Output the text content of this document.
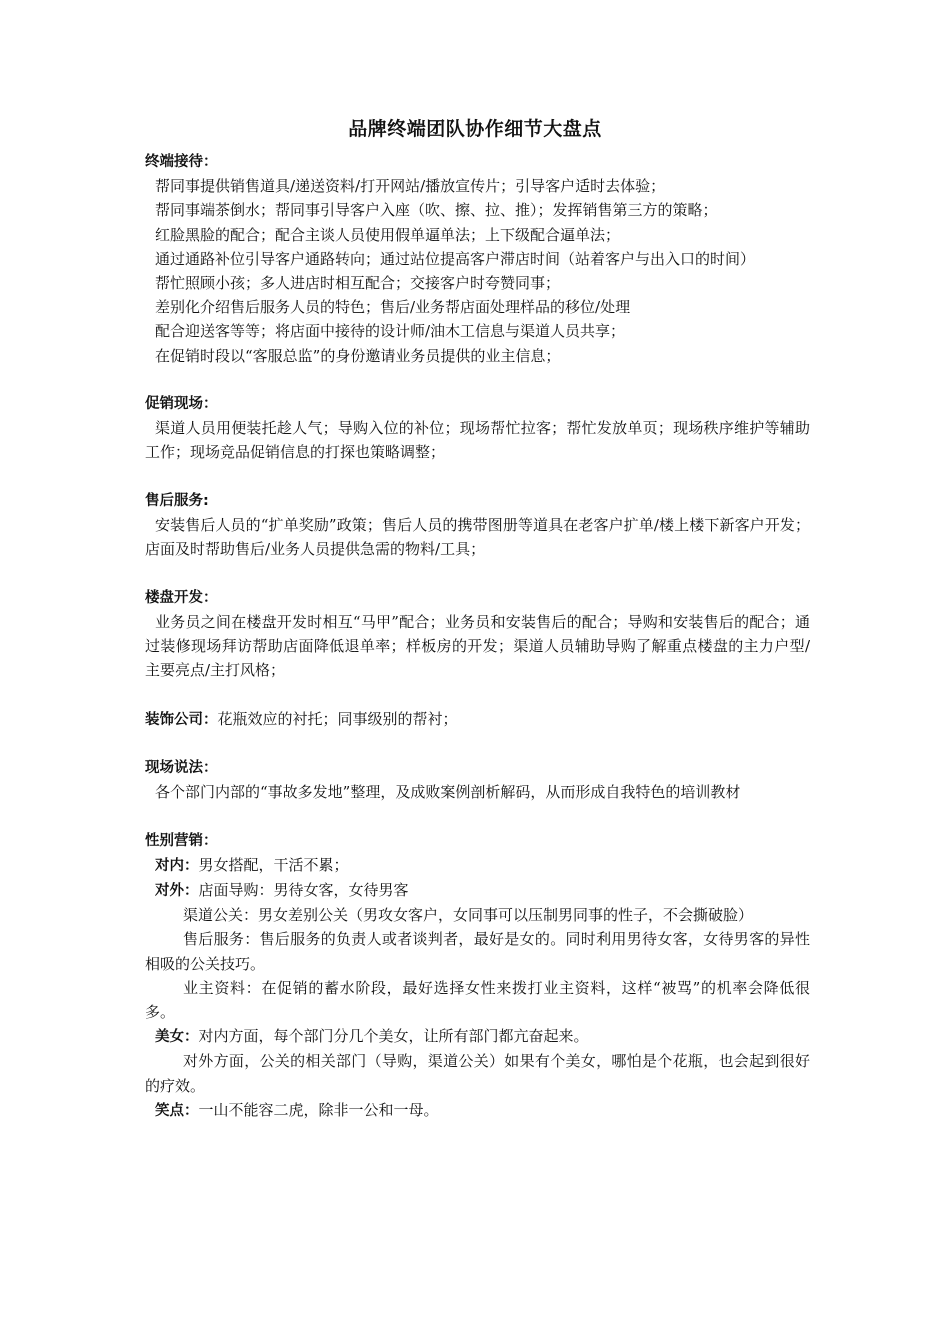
品牌终端团队协作细节大盘点
终端接待：
帮同事提供销售道具/递送资料/打开网站/播放宣传片；引导客户适时去体验；
帮同事端茶倒水；帮同事引导客户入座（吹、擦、拉、推）；发挥销售第三方的策略；
红脸黑脸的配合；配合主谈人员使用假单逼单法；上下级配合逼单法；
通过通路补位引导客户通路转向；通过站位提高客户滞店时间（站着客户与出入口的时间）
帮忙照顾小孩；多人进店时相互配合；交接客户时夸赞同事；
差别化介绍售后服务人员的特色；售后/业务帮店面处理样品的移位/处理
配合迎送客等等；将店面中接待的设计师/油木工信息与渠道人员共享；
在促销时段以“客服总监”的身份邀请业务员提供的业主信息；
促销现场：
渠道人员用便装托趁人气；导购入位的补位；现场帮忙拉客；帮忙发放单页；现场秩序维护等辅助工作；现场竞品促销信息的打探也策略调整；
售后服务:
安装售后人员的“扩单奖励”政策；售后人员的携带图册等道具在老客户扩单/楼上楼下新客户开发；店面及时帮助售后/业务人员提供急需的物料/工具；
楼盘开发：
业务员之间在楼盘开发时相互“马甲”配合；业务员和安装售后的配合；导购和安装售后的配合；通过装修现场拜访帮助店面降低退单率；样板房的开发；渠道人员辅助导购了解重点楼盘的主力户型/主要亮点/主打风格；
装饰公司：花瓶效应的衬托；同事级别的帮衬；
现场说法：
各个部门内部的“事故多发地”整理，及成败案例剖析解码，从而形成自我特色的培训教材
性别营销：
对内：男女搭配，干活不累；
对外：店面导购：男待女客，女待男客
渠道公关：男女差别公关（男攻女客户，女同事可以压制男同事的性子，不会撕破脸）
售后服务：售后服务的负责人或者谈判者，最好是女的。同时利用男待女客，女待男客的异性相吸的公关技巧。
业主资料：在促销的蓄水阶段，最好选择女性来拨打业主资料，这样“被骂”的机率会降低很多。
美女：对内方面，每个部门分几个美女，让所有部门都亢奋起来。
对外方面，公关的相关部门（导购，渠道公关）如果有个美女，哪怕是个花瓶，也会起到很好的疗效。
笑点：一山不能容二虎，除非一公和一母。
